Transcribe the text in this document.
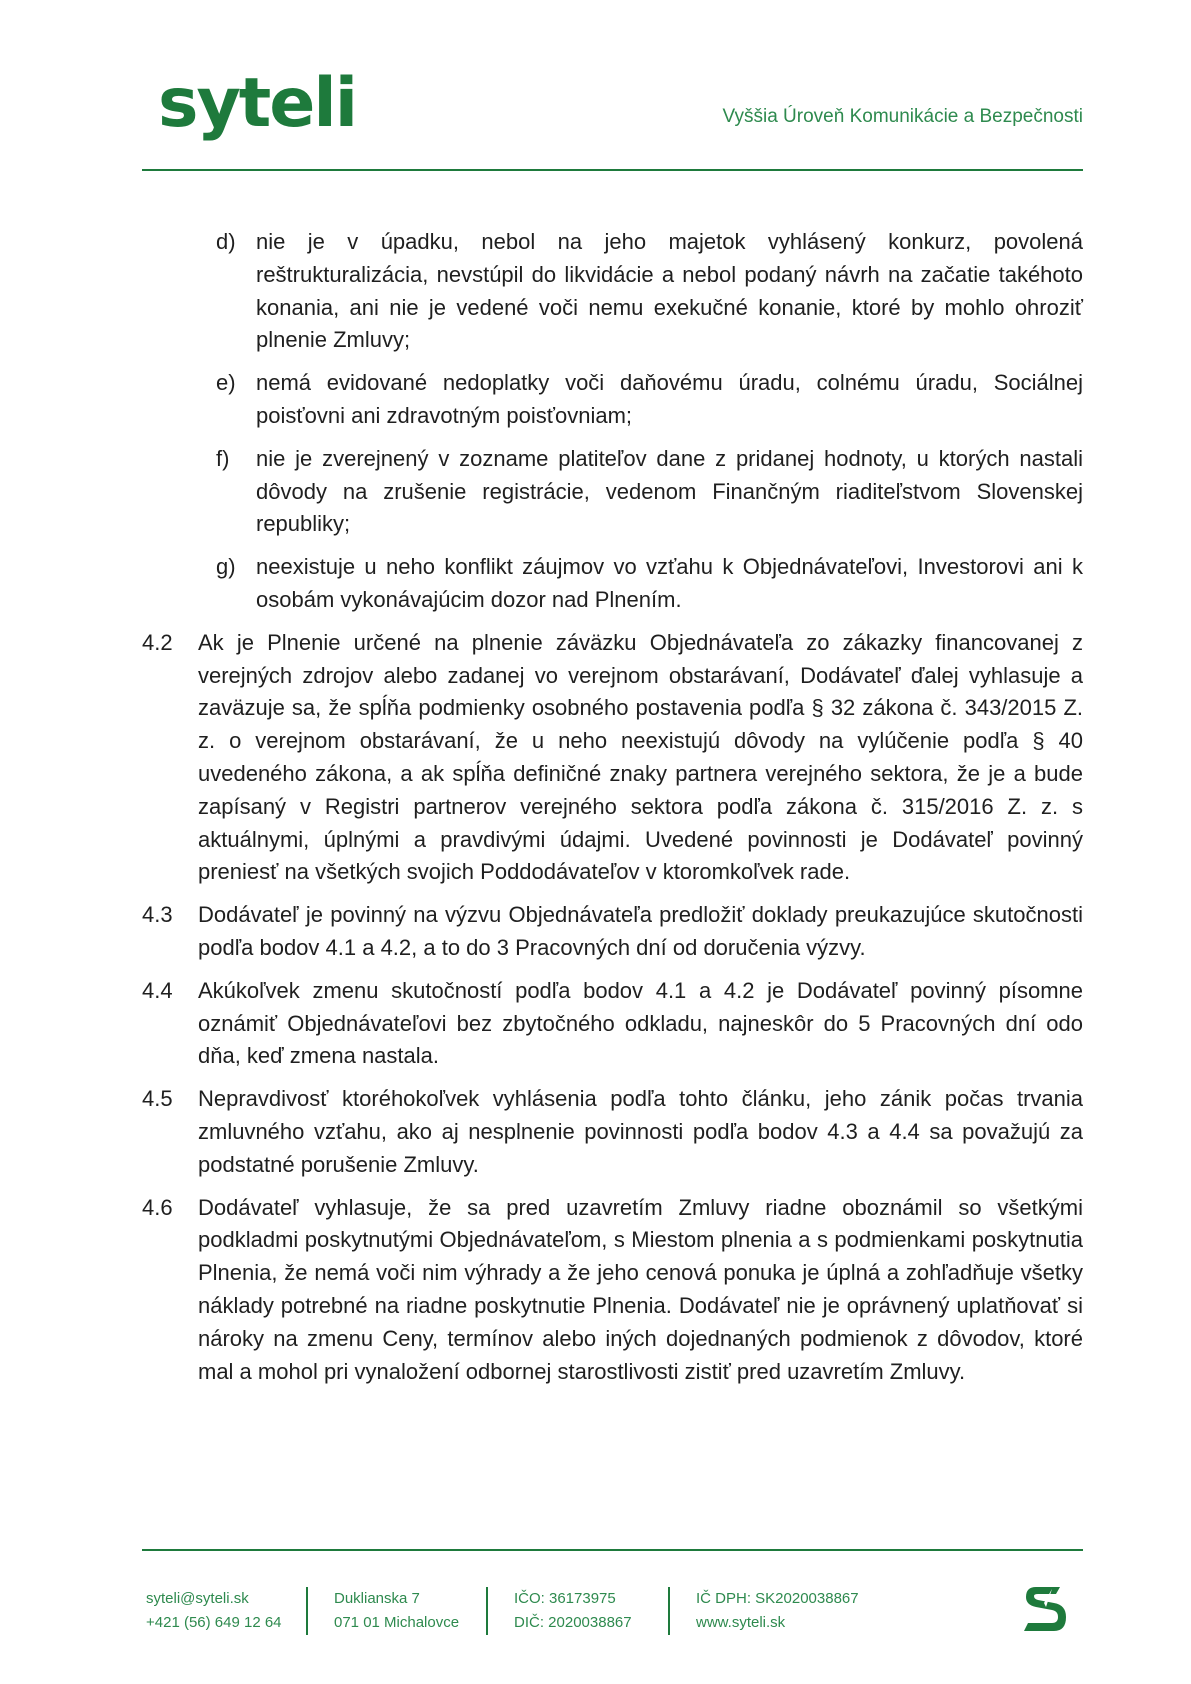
syteli	Vyššia Úroveň Komunikácie a Bezpečnosti
d) nie je v úpadku, nebol na jeho majetok vyhlásený konkurz, povolená reštrukturalizácia, nevstúpil do likvidácie a nebol podaný návrh na začatie takéhoto konania, ani nie je vedené voči nemu exekučné konanie, ktoré by mohlo ohroziť plnenie Zmluvy;
e) nemá evidované nedoplatky voči daňovému úradu, colnému úradu, Sociálnej poisťovni ani zdravotným poisťovniam;
f) nie je zverejnený v zozname platiteľov dane z pridanej hodnoty, u ktorých nastali dôvody na zrušenie registrácie, vedenom Finančným riaditeľstvom Slovenskej republiky;
g) neexistuje u neho konflikt záujmov vo vzťahu k Objednávateľovi, Investorovi ani k osobám vykonávajúcim dozor nad Plnením.
4.2 Ak je Plnenie určené na plnenie záväzku Objednávateľa zo zákazky financovanej z verejných zdrojov alebo zadanej vo verejnom obstarávaní, Dodávateľ ďalej vyhlasuje a zaväzuje sa, že spĺňa podmienky osobného postavenia podľa § 32 zákona č. 343/2015 Z. z. o verejnom obstarávaní, že u neho neexistujú dôvody na vylúčenie podľa § 40 uvedeného zákona, a ak spĺňa definičné znaky partnera verejného sektora, že je a bude zapísaný v Registri partnerov verejného sektora podľa zákona č. 315/2016 Z. z. s aktuálnymi, úplnými a pravdivými údajmi. Uvedené povinnosti je Dodávateľ povinný preniesť na všetkých svojich Poddodávateľov v ktoromkoľvek rade.
4.3 Dodávateľ je povinný na výzvu Objednávateľa predložiť doklady preukazujúce skutočnosti podľa bodov 4.1 a 4.2, a to do 3 Pracovných dní od doručenia výzvy.
4.4 Akúkoľvek zmenu skutočností podľa bodov 4.1 a 4.2 je Dodávateľ povinný písomne oznámiť Objednávateľovi bez zbytočného odkladu, najneskôr do 5 Pracovných dní odo dňa, keď zmena nastala.
4.5 Nepravdivosť ktoréhokoľvek vyhlásenia podľa tohto článku, jeho zánik počas trvania zmluvného vzťahu, ako aj nesplnenie povinnosti podľa bodov 4.3 a 4.4 sa považujú za podstatné porušenie Zmluvy.
4.6 Dodávateľ vyhlasuje, že sa pred uzavretím Zmluvy riadne oboznámil so všetkými podkladmi poskytnutými Objednávateľom, s Miestom plnenia a s podmienkami poskytnutia Plnenia, že nemá voči nim výhrady a že jeho cenová ponuka je úplná a zohľadňuje všetky náklady potrebné na riadne poskytnutie Plnenia. Dodávateľ nie je oprávnený uplatňovať si nároky na zmenu Ceny, termínov alebo iných dojednaných podmienok z dôvodov, ktoré mal a mohol pri vynaložení odbornej starostlivosti zistiť pred uzavretím Zmluvy.
syteli@syteli.sk
+421 (56) 649 12 64
Duklianska 7
071 01 Michalovce
IČO: 36173975
DIČ: 2020038867
IČ DPH: SK2020038867
www.syteli.sk
